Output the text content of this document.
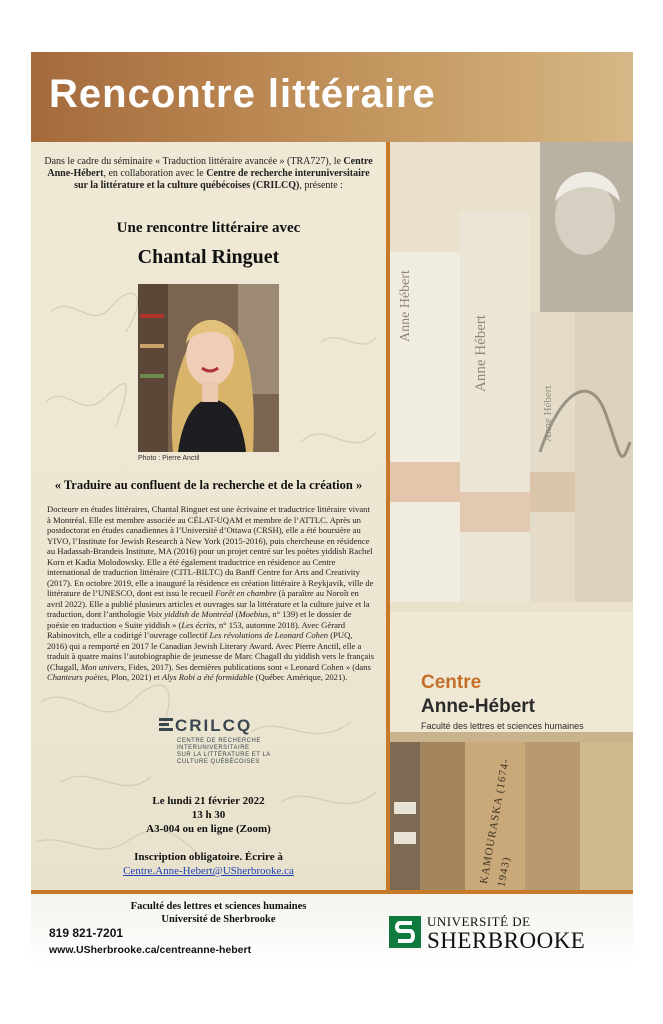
Rencontre littéraire
Dans le cadre du séminaire « Traduction littéraire avancée » (TRA727), le Centre Anne-Hébert, en collaboration avec le Centre de recherche interuniversitaire sur la littérature et la culture québécoises (CRILCQ), présente :
Une rencontre littéraire avec
Chantal Ringuet
Photo : Pierre Anctil
« Traduire au confluent de la recherche et de la création »
Docteure en études littéraires, Chantal Ringuet est une écrivaine et traductrice littéraire vivant à Montréal. Elle est membre associée au CÉLAT-UQAM et membre de l’ATTLC. Après un postdoctorat en études canadiennes à l’Université d’Ottawa (CRSH), elle a été boursière au YIVO, l’Institute for Jewish Research à New York (2015-2016), puis chercheuse en résidence au Hadassah-Brandeis Institute, MA (2016) pour un projet centré sur les poètes yiddish Rachel Korn et Kadia Molodowsky. Elle a été également traductrice en résidence au Centre international de traduction littéraire (CITL-BILTC) du Banff Centre for Arts and Creativity (2017). En octobre 2019, elle a inauguré la résidence en création littéraire à Reykjavik, ville de littérature de l’UNESCO, dont est issu le recueil Forêt en chambre (à paraître au Noroît en avril 2022). Elle a publié plusieurs articles et ouvrages sur la littérature et la culture juive et la traduction, dont l’anthologie Voix yiddish de Montréal (Moebius, n° 139) et le dossier de poésie en traduction « Suite yiddish » (Les écrits, n° 153, automne 2018). Avec Gérard Rabinovitch, elle a codirigé l’ouvrage collectif Les révolutions de Leonard Cohen (PUQ, 2016) qui a remporté en 2017 le Canadian Jewish Literary Award. Avec Pierre Anctil, elle a traduit à quatre mains l’autobiographie de jeunesse de Marc Chagall du yiddish vers le français (Chagall, Mon univers, Fides, 2017). Ses dernières publications sont « Leonard Cohen » (dans Chanteurs poètes, Plon, 2021) et Alys Robi a été formidable (Québec Amérique, 2021).
CRILCQ
CENTRE DE RECHERCHE
INTERUNIVERSITAIRE
SUR LA LITTÉRATURE ET LA
CULTURE QUÉBÉCOISES
Le lundi 21 février 2022
13 h 30
A3-004 ou en ligne (Zoom)
Inscription obligatoire. Écrire à
Centre.Anne-Hebert@USherbrooke.ca
Anne Hébert
Anne Hébert
Anne Hébert
KAMOURASKA (1674-1943)
Centre
Anne-Hébert
Faculté des lettres et sciences humaines
Faculté des lettres et sciences humaines
Université de Sherbrooke
819 821-7201
www.USherbrooke.ca/centreanne-hebert
UNIVERSITÉ DE
SHERBROOKE
